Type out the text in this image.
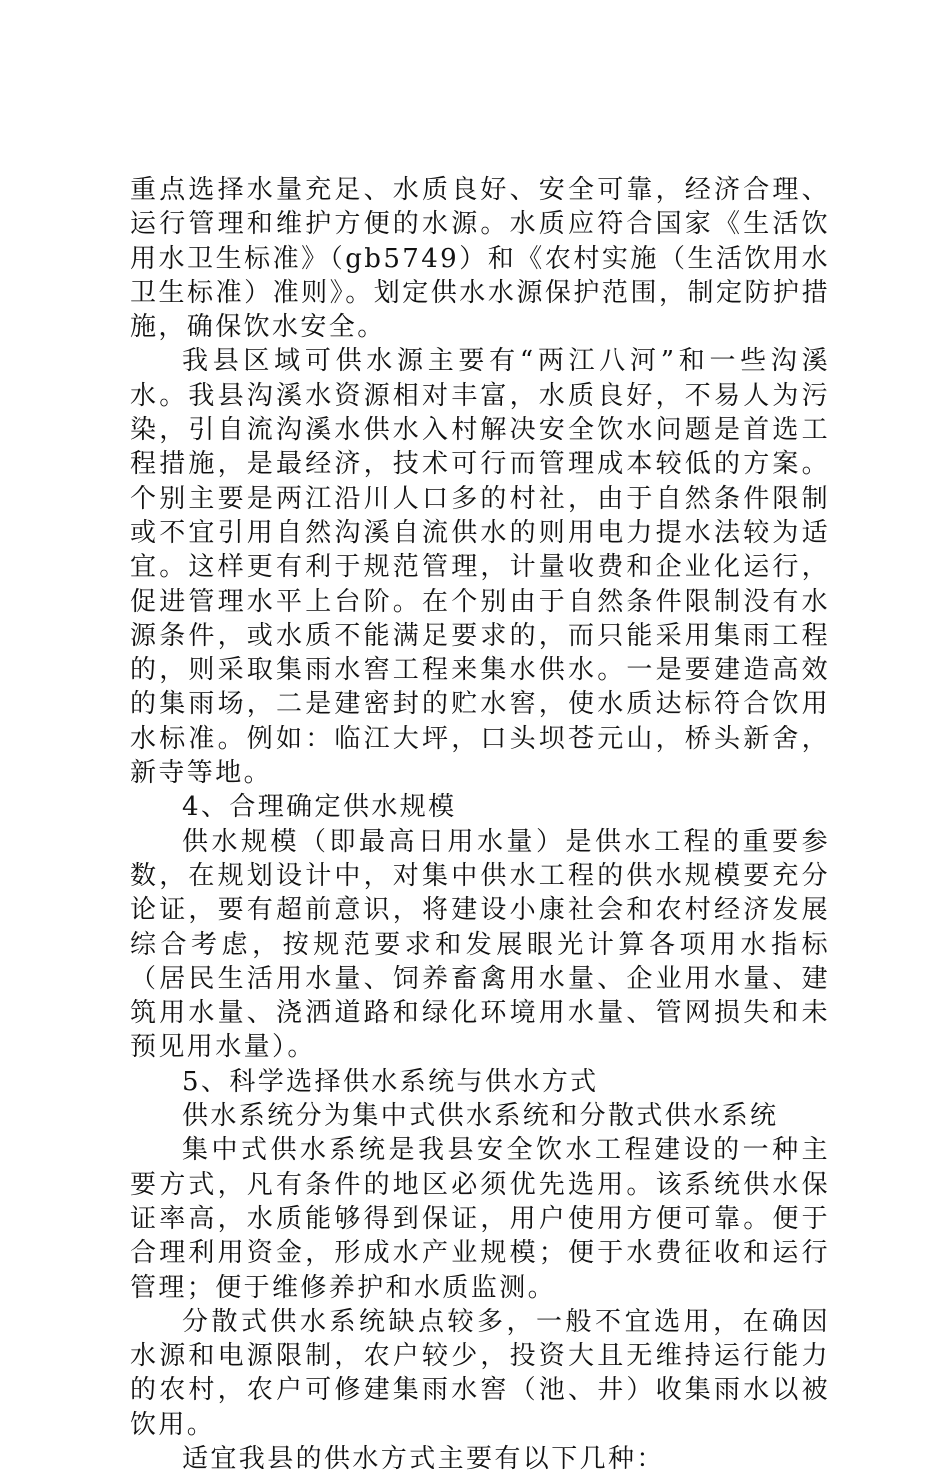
重点选择水量充足、水质良好、安全可靠，经济合理、运行管理和维护方便的水源。水质应符合国家《生活饮用水卫生标准》（gb5749）和《农村实施（生活饮用水卫生标准）准则》。划定供水水源保护范围，制定防护措施，确保饮水安全。

我县区域可供水源主要有“两江八河”和一些沟溪水。我县沟溪水资源相对丰富，水质良好，不易人为污染，引自流沟溪水供水入村解决安全饮水问题是首选工程措施，是最经济，技术可行而管理成本较低的方案。个别主要是两江沿川人口多的村社，由于自然条件限制或不宜引用自然沟溪自流供水的则用电力提水法较为适宜。这样更有利于规范管理，计量收费和企业化运行，促进管理水平上台阶。在个别由于自然条件限制没有水源条件，或水质不能满足要求的，而只能采用集雨工程的，则采取集雨水窖工程来集水供水。一是要建造高效的集雨场，二是建密封的贮水窖，使水质达标符合饮用水标准。例如：临江大坪，口头坝苍元山，桥头新舍，新寺等地。

4、合理确定供水规模

供水规模（即最高日用水量）是供水工程的重要参数，在规划设计中，对集中供水工程的供水规模要充分论证，要有超前意识，将建设小康社会和农村经济发展综合考虑，按规范要求和发展眼光计算各项用水指标（居民生活用水量、饲养畜禽用水量、企业用水量、建筑用水量、浇洒道路和绿化环境用水量、管网损失和未预见用水量）。

5、科学选择供水系统与供水方式

供水系统分为集中式供水系统和分散式供水系统

集中式供水系统是我县安全饮水工程建设的一种主要方式，凡有条件的地区必须优先选用。该系统供水保证率高，水质能够得到保证，用户使用方便可靠。便于合理利用资金，形成水产业规模；便于水费征收和运行管理；便于维修养护和水质监测。

分散式供水系统缺点较多，一般不宜选用，在确因水源和电源限制，农户较少，投资大且无维持运行能力的农村，农户可修建集雨水窖（池、井）收集雨水以被饮用。

适宜我县的供水方式主要有以下几种：
